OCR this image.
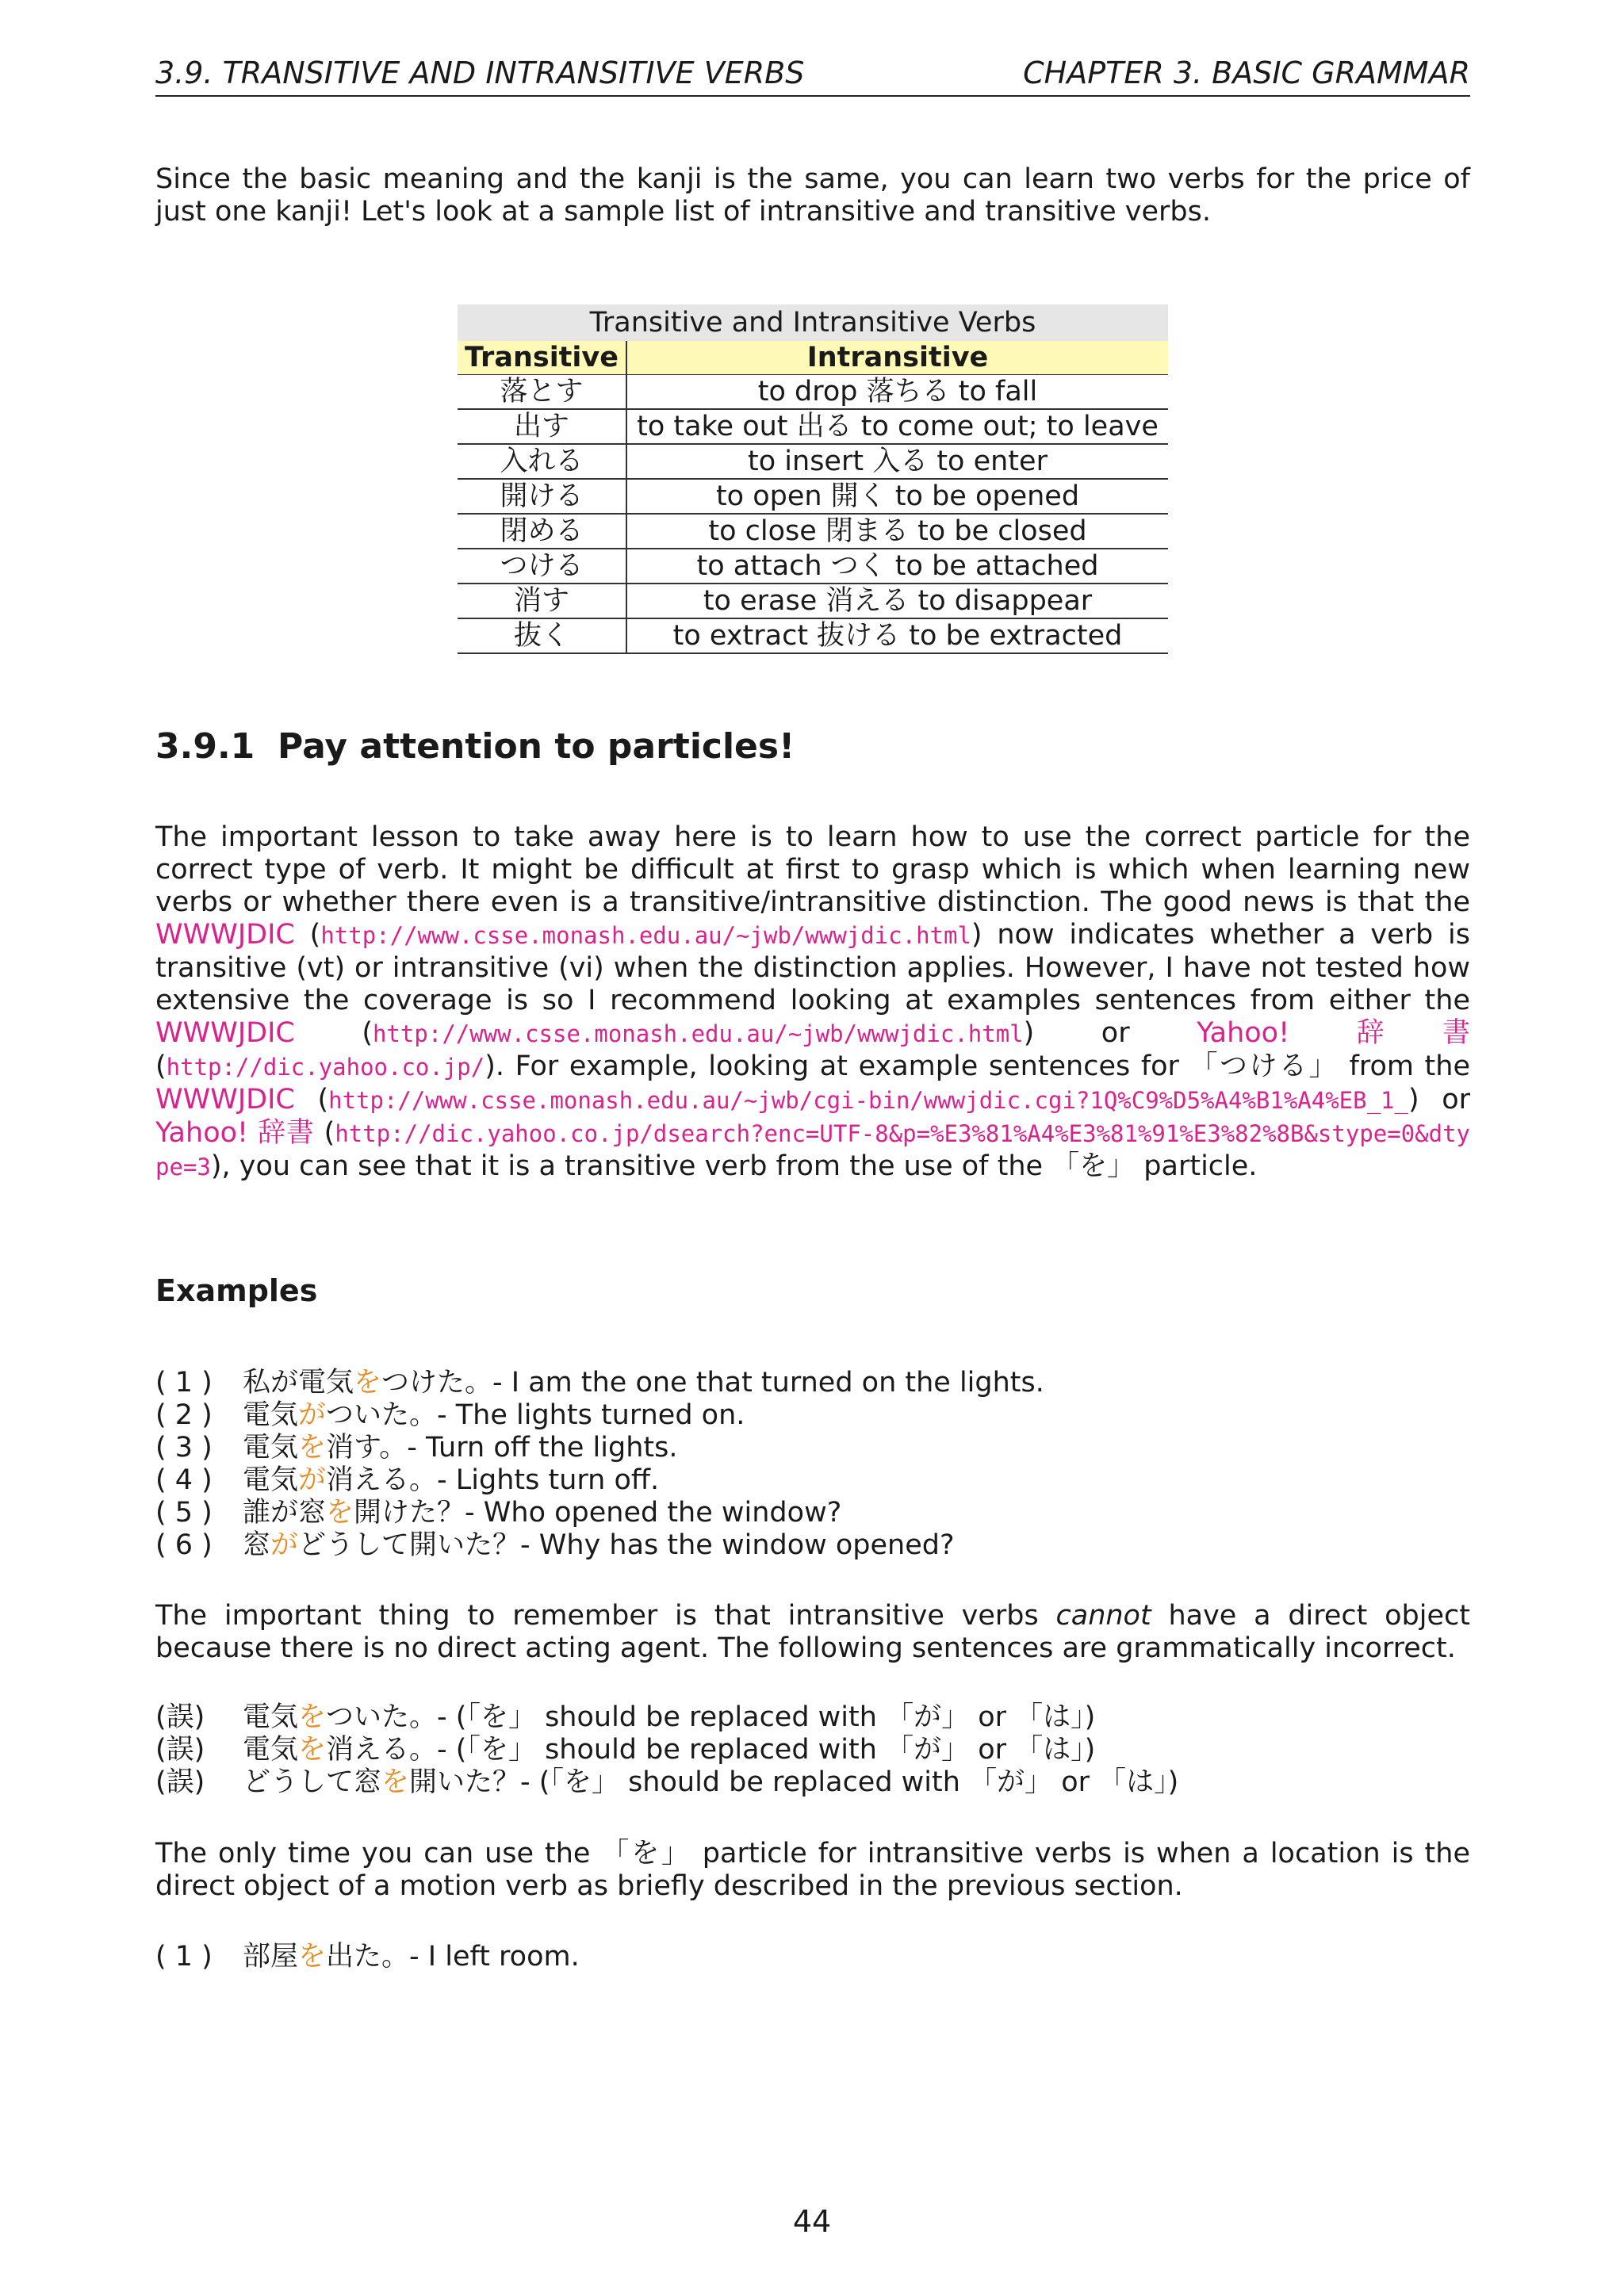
3.9. TRANSITIVE AND INTRANSITIVE VERBS	CHAPTER 3. BASIC GRAMMAR
Since the basic meaning and the kanji is the same, you can learn two verbs for the price of just one kanji! Let's look at a sample list of intransitive and transitive verbs.
Transitive and Intransitive Verbs
Transitive	Intransitive
落とす	to drop 落ちる to fall
出す	to take out 出る to come out; to leave
入れる	to insert 入る to enter
開ける	to open 開く to be opened
閉める	to close 閉まる to be closed
つける	to attach つく to be attached
消す	to erase 消える to disappear
抜く	to extract 抜ける to be extracted
3.9.1 Pay attention to particles!
The important lesson to take away here is to learn how to use the correct particle for the correct type of verb. It might be difficult at first to grasp which is which when learning new verbs or whether there even is a transitive/intransitive distinction. The good news is that the WWWJDIC (http://www.csse.monash.edu.au/~jwb/wwwjdic.html) now indicates whether a verb is transitive (vt) or intransitive (vi) when the distinction applies. However, I have not tested how extensive the coverage is so I recommend looking at examples sentences from either the WWWJDIC (http://www.csse.monash.edu.au/~jwb/wwwjdic.html) or Yahoo! 辞書 (http://dic.yahoo.co.jp/). For example, looking at example sentences for 「つける」 from the WWWJDIC (http://www.csse.monash.edu.au/~jwb/cgi-bin/wwwjdic.cgi?1Q%C9%D5%A4%B1%A4%EB_1_) or Yahoo! 辞書 (http://dic.yahoo.co.jp/dsearch?enc=UTF-8&p=%E3%81%A4%E3%81%91%E3%82%8B&stype=0&dtype=3), you can see that it is a transitive verb from the use of the 「を」 particle.
Examples
( 1 )	私が電気をつけた。- I am the one that turned on the lights.
( 2 )	電気がついた。- The lights turned on.
( 3 )	電気を消す。- Turn off the lights.
( 4 )	電気が消える。- Lights turn off.
( 5 )	誰が窓を開けた？- Who opened the window?
( 6 )	窓がどうして開いた？- Why has the window opened?
The important thing to remember is that intransitive verbs cannot have a direct object because there is no direct acting agent. The following sentences are grammatically incorrect.
(誤)	電気をついた。- (「を」 should be replaced with 「が」 or 「は」)
(誤)	電気を消える。- (「を」 should be replaced with 「が」 or 「は」)
(誤)	どうして窓を開いた？- (「を」 should be replaced with 「が」 or 「は」)
The only time you can use the 「を」 particle for intransitive verbs is when a location is the direct object of a motion verb as briefly described in the previous section.
( 1 )	部屋を出た。- I left room.
44
